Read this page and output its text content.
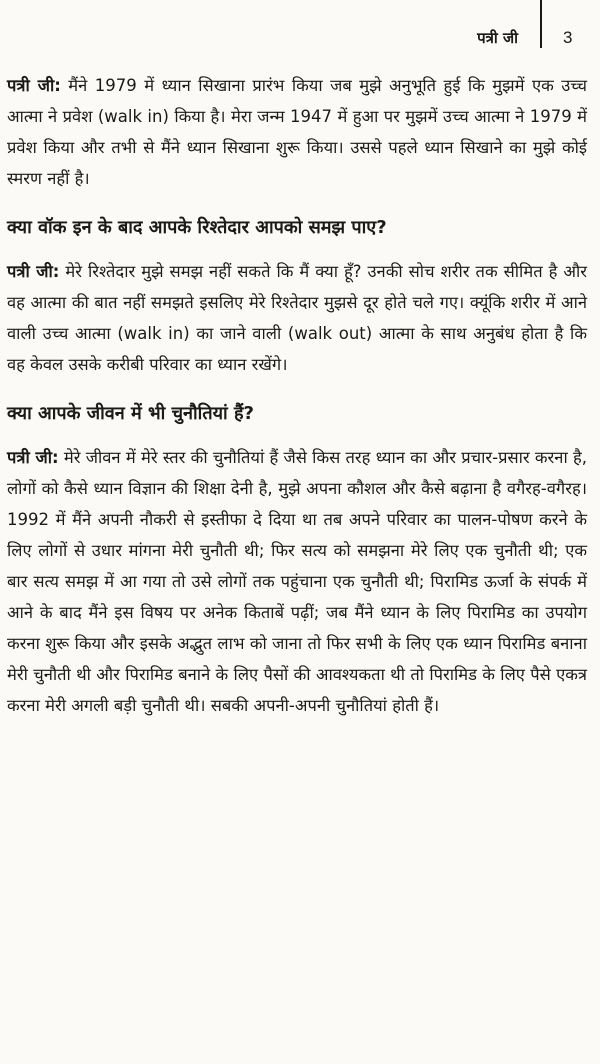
पत्री जी	3

पत्री जी: मैंने 1979 में ध्यान सिखाना प्रारंभ किया जब मुझे अनुभूति हुई कि मुझमें एक उच्च आत्मा ने प्रवेश (walk in) किया है। मेरा जन्म 1947 में हुआ पर मुझमें उच्च आत्मा ने 1979 में प्रवेश किया और तभी से मैंने ध्यान सिखाना शुरू किया। उससे पहले ध्यान सिखाने का मुझे कोई स्मरण नहीं है।

क्या वॉक इन के बाद आपके रिश्तेदार आपको समझ पाए?

पत्री जी: मेरे रिश्तेदार मुझे समझ नहीं सकते कि मैं क्या हूँ? उनकी सोच शरीर तक सीमित है और वह आत्मा की बात नहीं समझते इसलिए मेरे रिश्तेदार मुझसे दूर होते चले गए। क्यूंकि शरीर में आने वाली उच्च आत्मा (walk in) का जाने वाली (walk out) आत्मा के साथ अनुबंध होता है कि वह केवल उसके करीबी परिवार का ध्यान रखेंगे।

क्या आपके जीवन में भी चुनौतियां हैं?

पत्री जी: मेरे जीवन में मेरे स्तर की चुनौतियां हैं जैसे किस तरह ध्यान का और प्रचार-प्रसार करना है, लोगों को कैसे ध्यान विज्ञान की शिक्षा देनी है, मुझे अपना कौशल और कैसे बढ़ाना है वगैरह-वगैरह। 1992 में मैंने अपनी नौकरी से इस्तीफा दे दिया था तब अपने परिवार का पालन-पोषण करने के लिए लोगों से उधार मांगना मेरी चुनौती थी; फिर सत्य को समझना मेरे लिए एक चुनौती थी; एक बार सत्य समझ में आ गया तो उसे लोगों तक पहुंचाना एक चुनौती थी; पिरामिड ऊर्जा के संपर्क में आने के बाद मैंने इस विषय पर अनेक किताबें पढ़ीं; जब मैंने ध्यान के लिए पिरामिड का उपयोग करना शुरू किया और इसके अद्भुत लाभ को जाना तो फिर सभी के लिए एक ध्यान पिरामिड बनाना मेरी चुनौती थी और पिरामिड बनाने के लिए पैसों की आवश्यकता थी तो पिरामिड के लिए पैसे एकत्र करना मेरी अगली बड़ी चुनौती थी। सबकी अपनी-अपनी चुनौतियां होती हैं।
